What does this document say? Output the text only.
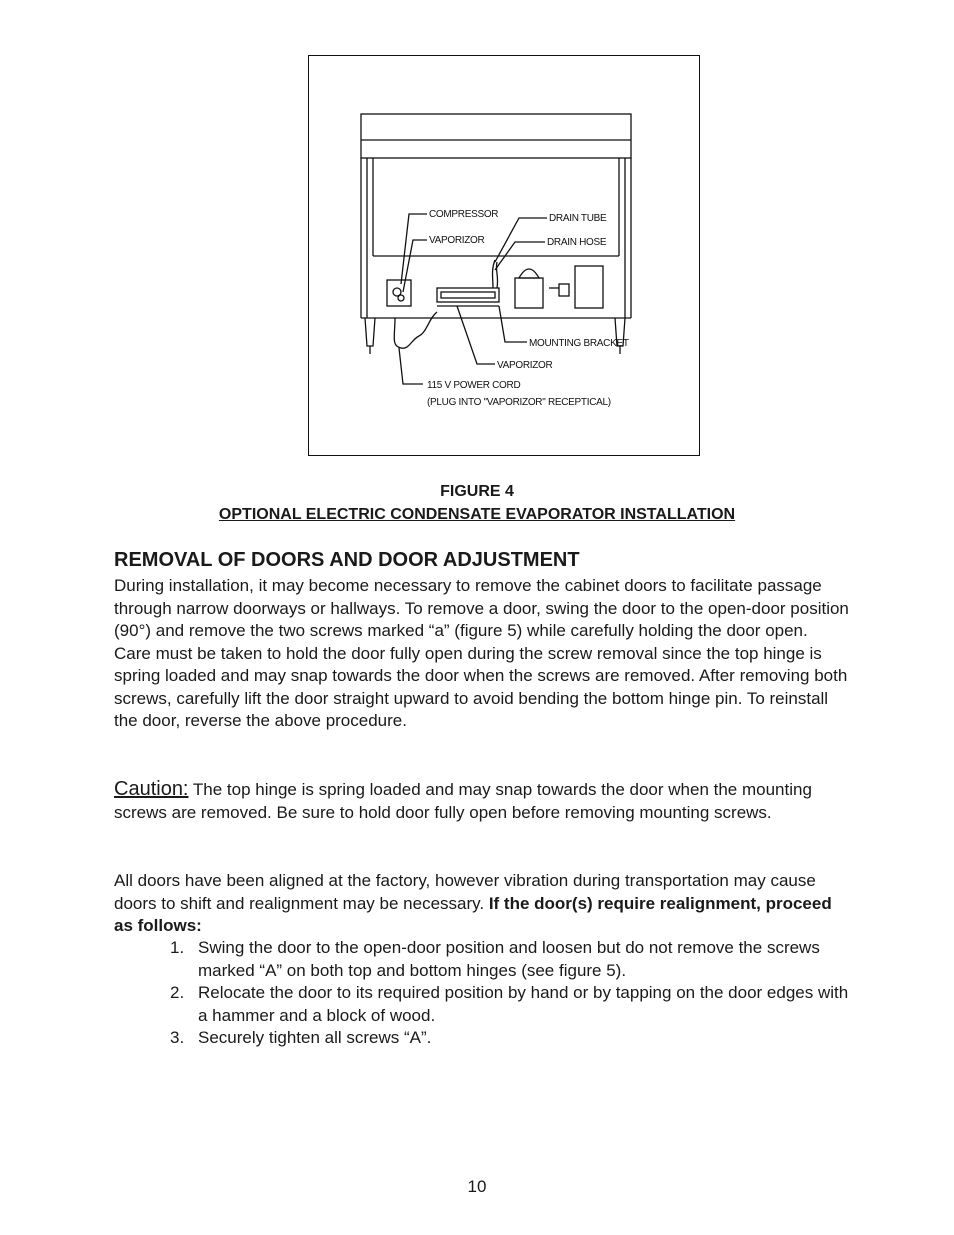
COMPRESSOR
VAPORIZOR
DRAIN TUBE
DRAIN HOSE
MOUNTING BRACKET
VAPORIZOR
115 V POWER CORD
(PLUG INTO "VAPORIZOR" RECEPTICAL)
FIGURE 4
OPTIONAL ELECTRIC CONDENSATE EVAPORATOR INSTALLATION
REMOVAL OF DOORS AND DOOR ADJUSTMENT
During installation, it may become necessary to remove the cabinet doors to facilitate passage through narrow doorways or hallways. To remove a door, swing the door to the open-door position (90°) and remove the two screws marked “a” (figure 5) while carefully holding the door open. Care must be taken to hold the door fully open during the screw removal since the top hinge is spring loaded and may snap towards the door when the screws are removed. After removing both screws, carefully lift the door straight upward to avoid bending the bottom hinge pin. To reinstall the door, reverse the above procedure.
Caution: The top hinge is spring loaded and may snap towards the door when the mounting screws are removed. Be sure to hold door fully open before removing mounting screws.
All doors have been aligned at the factory, however vibration during transportation may cause doors to shift and realignment may be necessary. If the door(s) require realignment, proceed as follows:
1. Swing the door to the open-door position and loosen but do not remove the screws marked “A” on both top and bottom hinges (see figure 5).
2. Relocate the door to its required position by hand or by tapping on the door edges with a hammer and a block of wood.
3. Securely tighten all screws “A”.
10
